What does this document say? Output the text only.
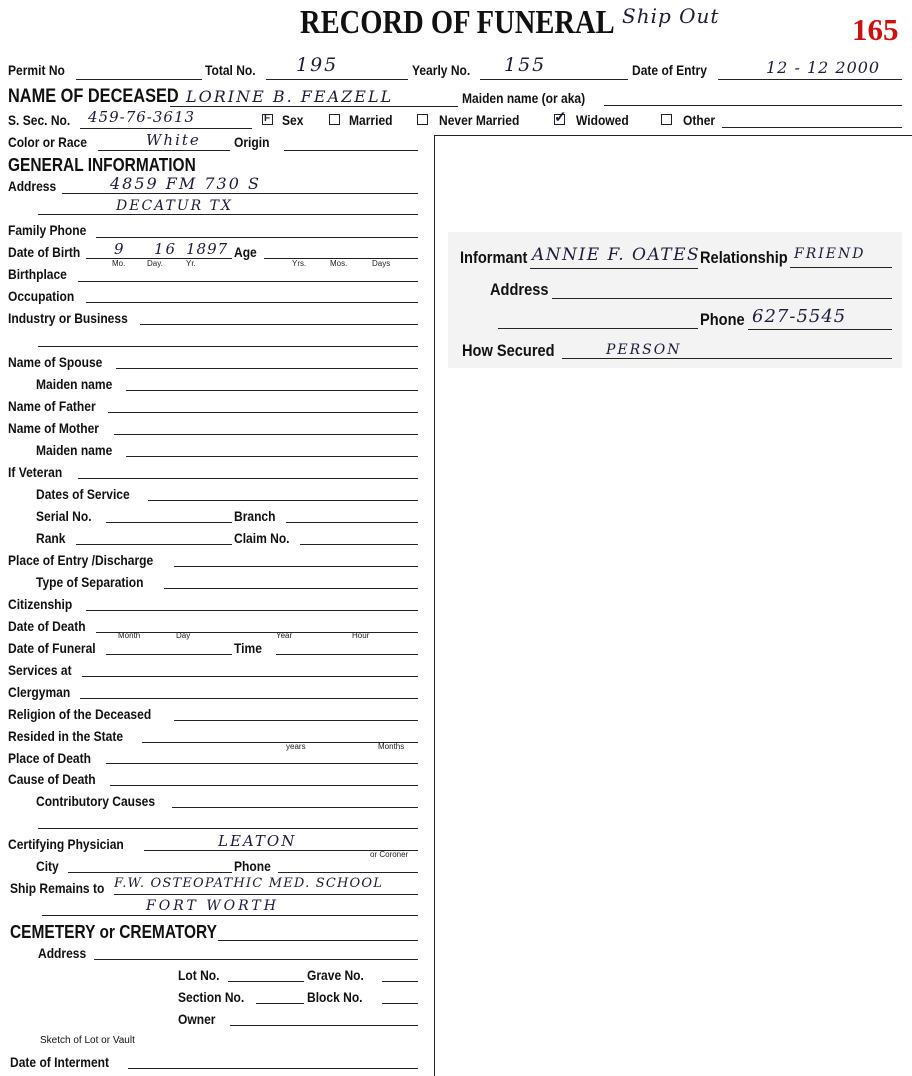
RECORD OF FUNERAL Ship Out	165
Permit No	Total No. 195	Yearly No. 155	Date of Entry	12 - 12 2000
NAME OF DECEASED LORINE B. FEAZELL	Maiden name (or aka)
S. Sec. No. 459-76-3613	F Sex	Married	Never Married ✓ Widowed	Other
Color or Race	White Origin
GENERAL INFORMATION
Address	4859 FM 730 S
DECATUR TX
Family Phone
Date of Birth 9 16 1897
Mo.	Day.	Yr.
Age
Yrs.	Mos.	Days
Birthplace
Occupation
Industry or Business
Name of Spouse
Maiden name
Name of Father
Name of Mother
Maiden name
If Veteran
Dates of Service
Serial No.	Branch
Rank	Claim No.
Place of Entry /Discharge
Type of Separation
Citizenship
Date of Death
Month	Day	Year	Hour
Date of Funeral	Time
Services at
Clergyman
Religion of the Deceased
Resided in the State
years	Months
Place of Death
Cause of Death
Contributory Causes
Certifying Physician	LEATON
or Coroner
City	Phone
Ship Remains to F.W. OSTEOPATHIC MED. SCHOOL
FORT WORTH
CEMETERY or CREMATORY
Address
Lot No.	Grave No.
Section No.	Block No.
Owner
Sketch of Lot or Vault
Date of Interment
Informant ANNIE F. OATES Relationship FRIEND
Address
Phone 627-5545
How Secured	PERSON
